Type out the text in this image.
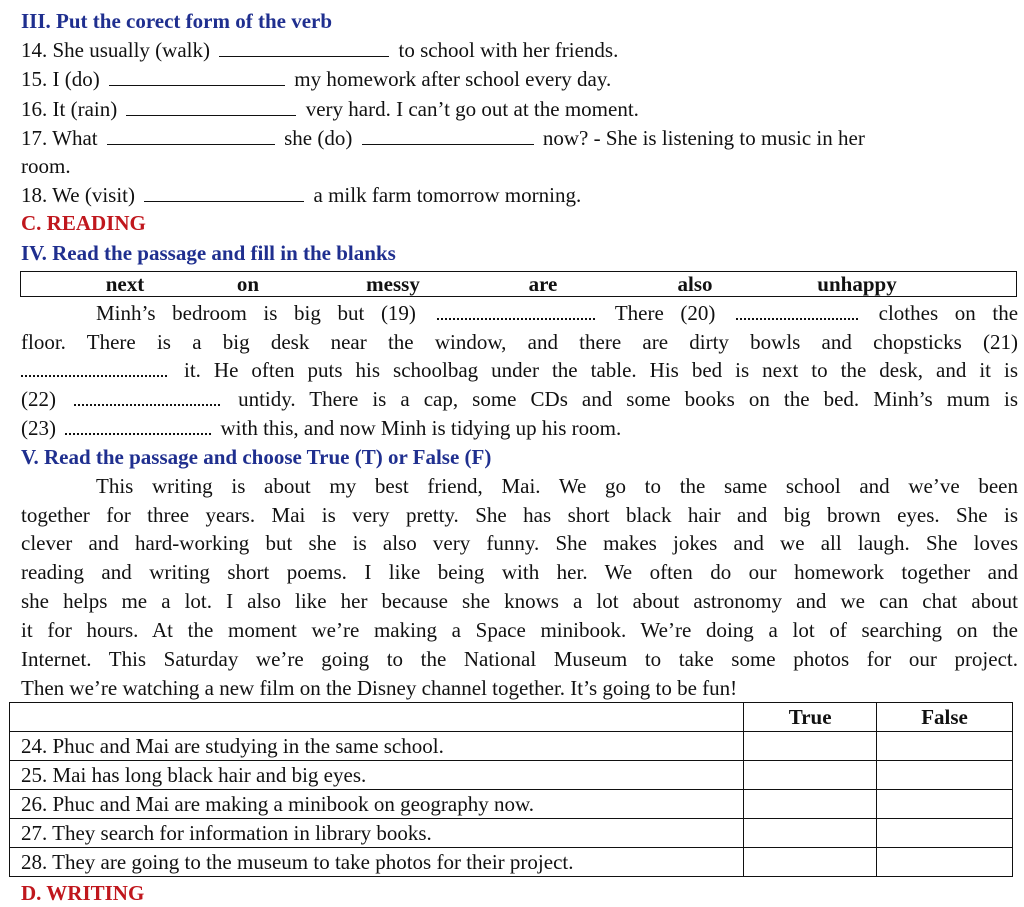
III. Put the corect form of the verb
14. She usually (walk)	to school with her friends.
15. I (do)	my homework after school every day.
16. It (rain)	very hard. I can’t go out at the moment.
17. What	she (do)	now? - She is listening to music in her
room.
18. We (visit)	a milk farm tomorrow morning.
C. READING
IV. Read the passage and fill in the blanks
next	on	messy	are	also	unhappy
Minh’s bedroom is big but (19)	There (20)	clothes on the
floor. There is a big desk near the window, and there are dirty bowls and chopsticks (21)
it. He often puts his schoolbag under the table. His bed is next to the desk, and it is
(22)	untidy. There is a cap, some CDs and some books on the bed. Minh’s mum is
(23)	with this, and now Minh is tidying up his room.
V. Read the passage and choose True (T) or False (F)
This writing is about my best friend, Mai. We go to the same school and we’ve been
together for three years. Mai is very pretty. She has short black hair and big brown eyes. She is
clever and hard-working but she is also very funny. She makes jokes and we all laugh. She loves
reading and writing short poems. I like being with her. We often do our homework together and
she helps me a lot. I also like her because she knows a lot about astronomy and we can chat about
it for hours. At the moment we’re making a Space minibook. We’re doing a lot of searching on the
Internet. This Saturday we’re going to the National Museum to take some photos for our project.
Then we’re watching a new film on the Disney channel together. It’s going to be fun!
	True	False
24. Phuc and Mai are studying in the same school.		
25. Mai has long black hair and big eyes.		
26. Phuc and Mai are making a minibook on geography now.		
27. They search for information in library books.		
28. They are going to the museum to take photos for their project.		
D. WRITING
